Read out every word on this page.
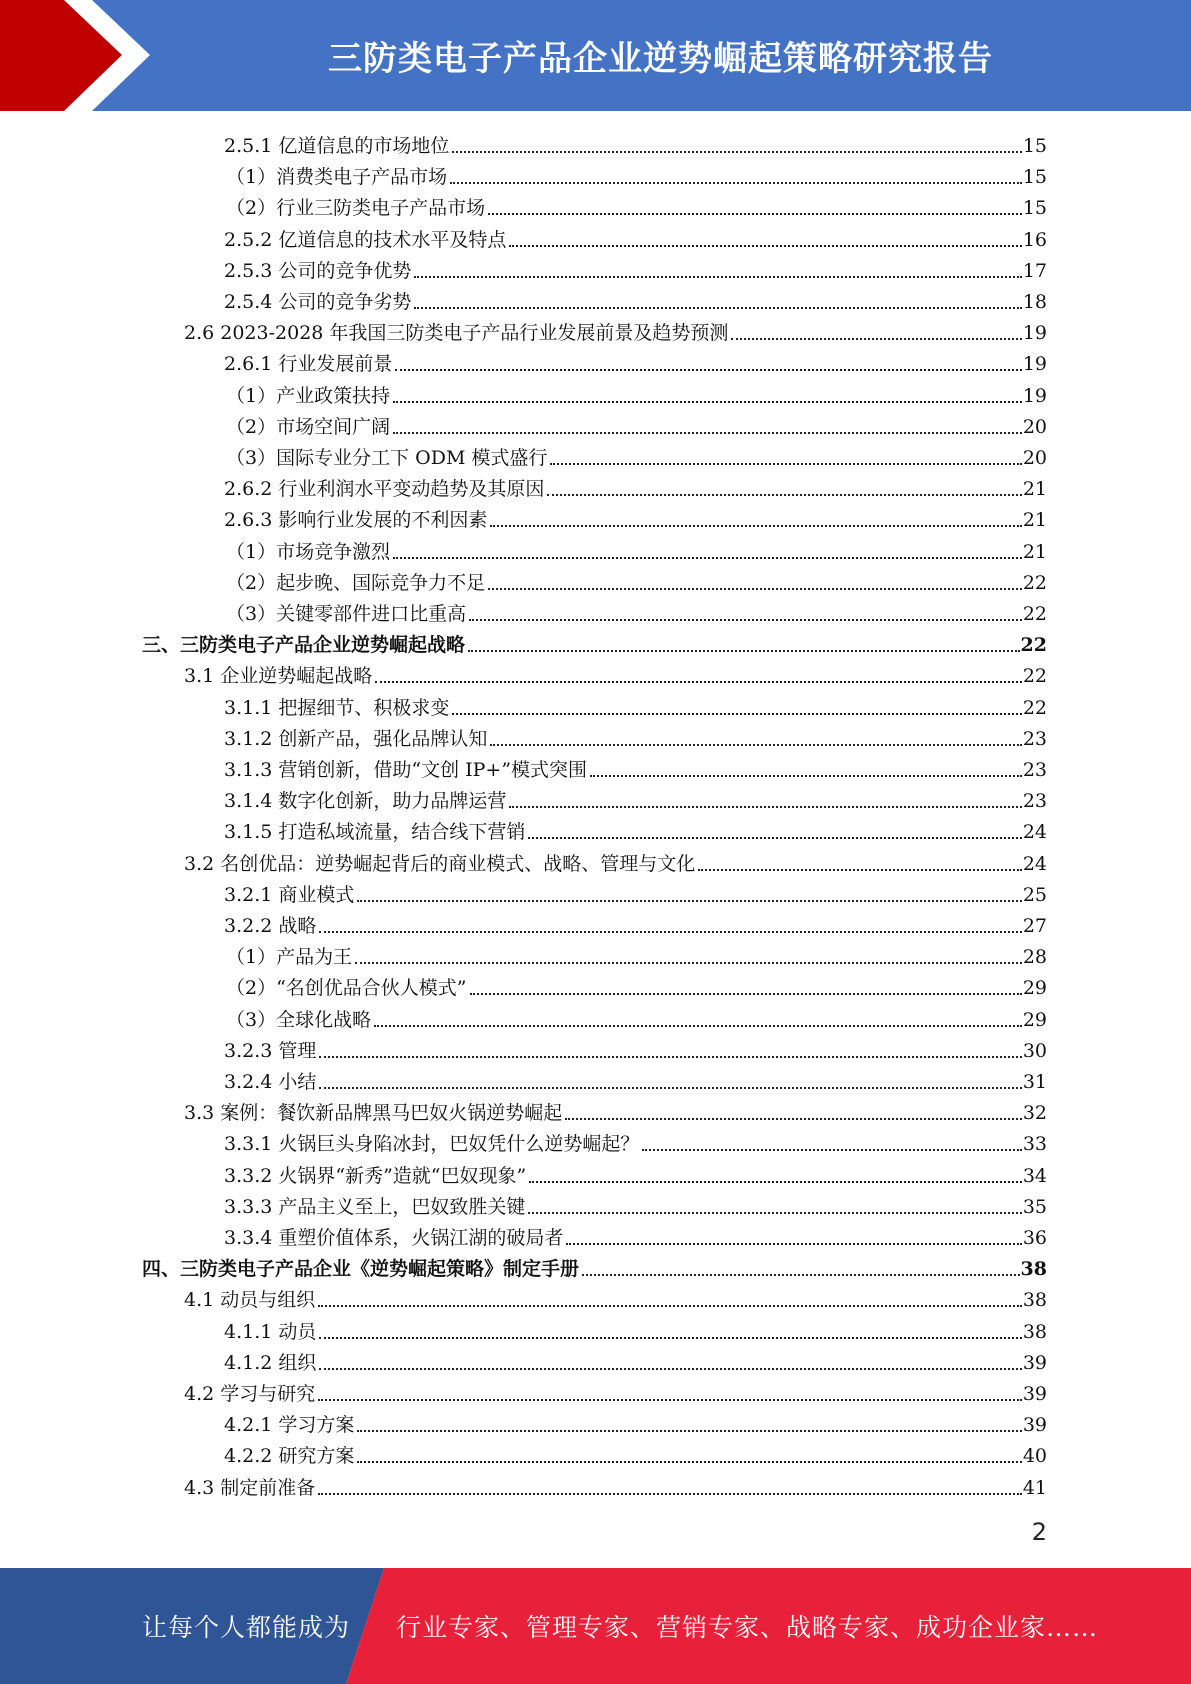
三防类电子产品企业逆势崛起策略研究报告
2.5.1 亿道信息的市场地位	15
（1）消费类电子产品市场	15
（2）行业三防类电子产品市场	15
2.5.2 亿道信息的技术水平及特点	16
2.5.3 公司的竞争优势	17
2.5.4 公司的竞争劣势	18
2.6 2023-2028 年我国三防类电子产品行业发展前景及趋势预测	19
2.6.1 行业发展前景	19
（1）产业政策扶持	19
（2）市场空间广阔	20
（3）国际专业分工下 ODM 模式盛行	20
2.6.2 行业利润水平变动趋势及其原因	21
2.6.3 影响行业发展的不利因素	21
（1）市场竞争激烈	21
（2）起步晚、国际竞争力不足	22
（3）关键零部件进口比重高	22
三、三防类电子产品企业逆势崛起战略	22
3.1 企业逆势崛起战略	22
3.1.1 把握细节、积极求变	22
3.1.2 创新产品，强化品牌认知	23
3.1.3 营销创新，借助“文创 IP+”模式突围	23
3.1.4 数字化创新，助力品牌运营	23
3.1.5 打造私域流量，结合线下营销	24
3.2 名创优品：逆势崛起背后的商业模式、战略、管理与文化	24
3.2.1 商业模式	25
3.2.2 战略	27
（1）产品为王	28
（2）“名创优品合伙人模式”	29
（3）全球化战略	29
3.2.3 管理	30
3.2.4 小结	31
3.3 案例：餐饮新品牌黑马巴奴火锅逆势崛起	32
3.3.1 火锅巨头身陷冰封，巴奴凭什么逆势崛起？	33
3.3.2 火锅界“新秀”造就“巴奴现象”	34
3.3.3 产品主义至上，巴奴致胜关键	35
3.3.4 重塑价值体系，火锅江湖的破局者	36
四、三防类电子产品企业《逆势崛起策略》制定手册	38
4.1 动员与组织	38
4.1.1 动员	38
4.1.2 组织	39
4.2 学习与研究	39
4.2.1 学习方案	39
4.2.2 研究方案	40
4.3 制定前准备	41
2
让每个人都能成为 行业专家、管理专家、营销专家、战略专家、成功企业家……
